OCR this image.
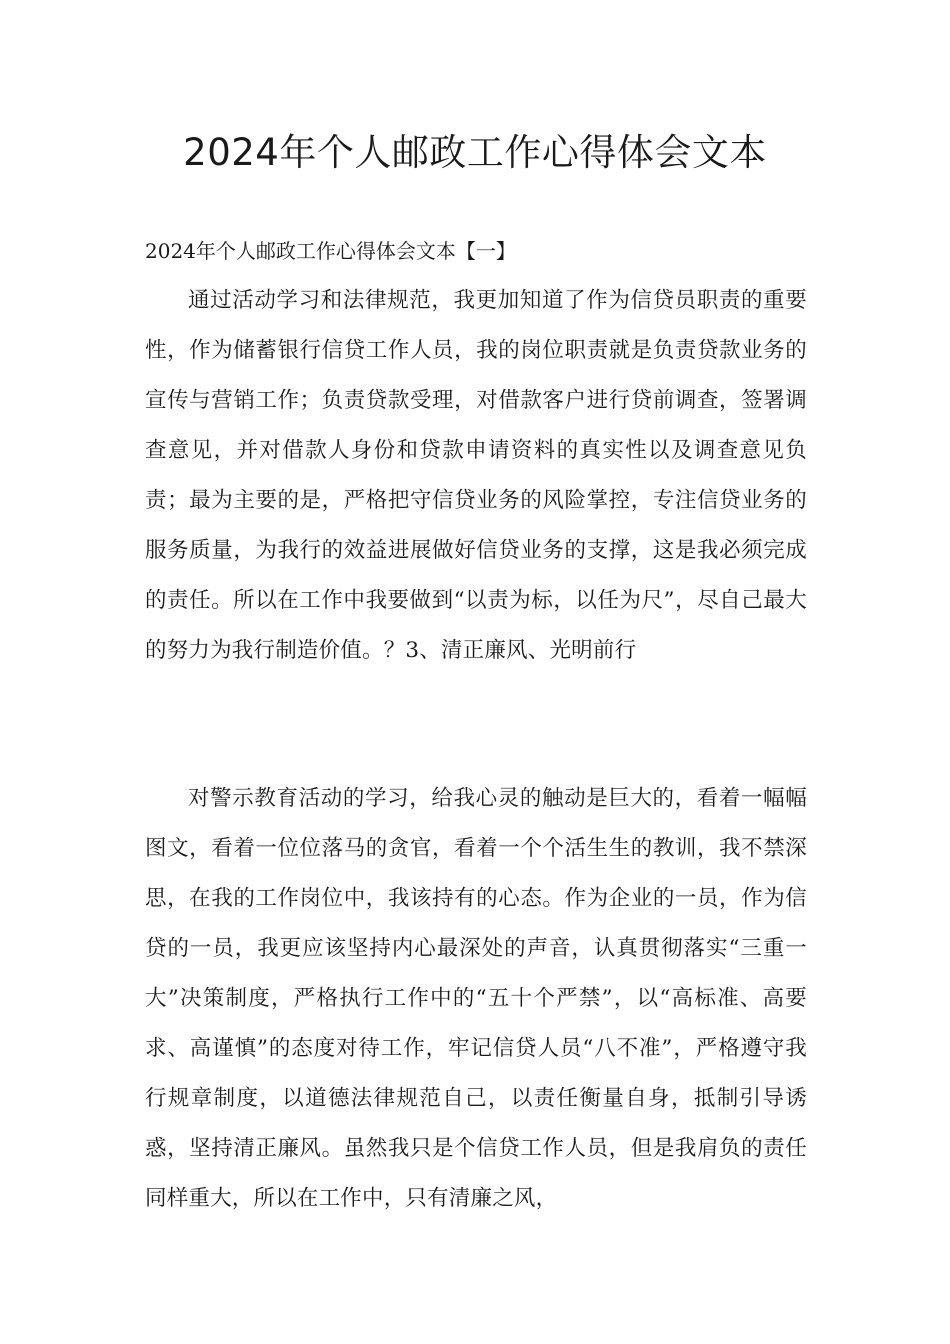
2024年个人邮政工作心得体会文本
2024年个人邮政工作心得体会文本【一】

通过活动学习和法律规范，我更加知道了作为信贷员职责的重要性，作为储蓄银行信贷工作人员，我的岗位职责就是负责贷款业务的宣传与营销工作；负责贷款受理，对借款客户进行贷前调查，签署调查意见，并对借款人身份和贷款申请资料的真实性以及调查意见负责；最为主要的是，严格把守信贷业务的风险掌控，专注信贷业务的服务质量，为我行的效益进展做好信贷业务的支撑，这是我必须完成的责任。所以在工作中我要做到“以责为标，以任为尺”，尽自己最大的努力为我行制造价值。？3、清正廉风、光明前行

对警示教育活动的学习，给我心灵的触动是巨大的，看着一幅幅图文，看着一位位落马的贪官，看着一个个活生生的教训，我不禁深思，在我的工作岗位中，我该持有的心态。作为企业的一员，作为信贷的一员，我更应该坚持内心最深处的声音，认真贯彻落实“三重一大”决策制度，严格执行工作中的“五十个严禁”，以“高标准、高要求、高谨慎”的态度对待工作，牢记信贷人员“八不准”，严格遵守我行规章制度，以道德法律规范自己，以责任衡量自身，抵制引导诱惑，坚持清正廉风。虽然我只是个信贷工作人员，但是我肩负的责任同样重大，所以在工作中，只有清廉之风，
